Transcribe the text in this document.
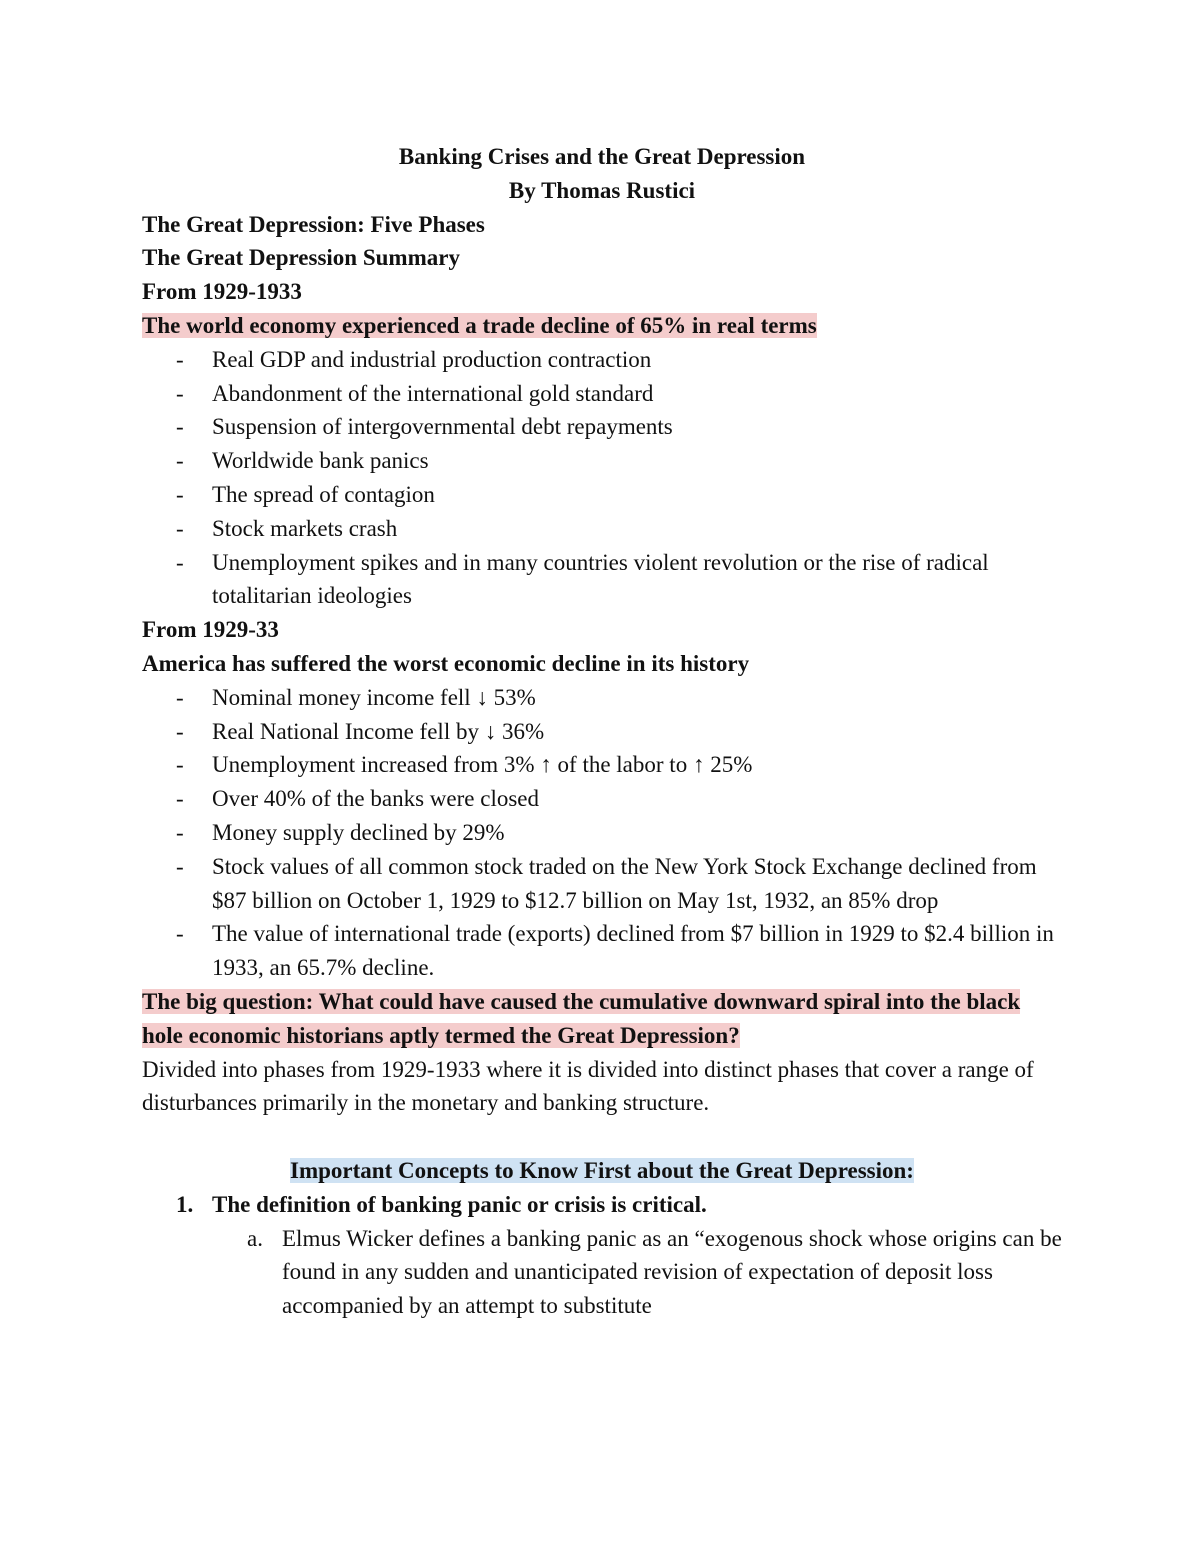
Banking Crises and the Great Depression

By Thomas Rustici

The Great Depression: Five Phases

The Great Depression Summary

From 1929-1933

The world economy experienced a trade decline of 65% in real terms

- Real GDP and industrial production contraction
- Abandonment of the international gold standard
- Suspension of intergovernmental debt repayments
- Worldwide bank panics
- The spread of contagion
- Stock markets crash
- Unemployment spikes and in many countries violent revolution or the rise of radical totalitarian ideologies

From 1929-33

America has suffered the worst economic decline in its history

- Nominal money income fell ↓ 53%
- Real National Income fell by ↓ 36%
- Unemployment increased from 3% ↑ of the labor to ↑ 25%
- Over 40% of the banks were closed
- Money supply declined by 29%
- Stock values of all common stock traded on the New York Stock Exchange declined from $87 billion on October 1, 1929 to $12.7 billion on May 1st, 1932, an 85% drop
- The value of international trade (exports) declined from $7 billion in 1929 to $2.4 billion in 1933, an 65.7% decline.

The big question: What could have caused the cumulative downward spiral into the black hole economic historians aptly termed the Great Depression?

Divided into phases from 1929-1933 where it is divided into distinct phases that cover a range of disturbances primarily in the monetary and banking structure.

Important Concepts to Know First about the Great Depression:

1. The definition of banking panic or crisis is critical.
a. Elmus Wicker defines a banking panic as an “exogenous shock whose origins can be found in any sudden and unanticipated revision of expectation of deposit loss accompanied by an attempt to substitute
